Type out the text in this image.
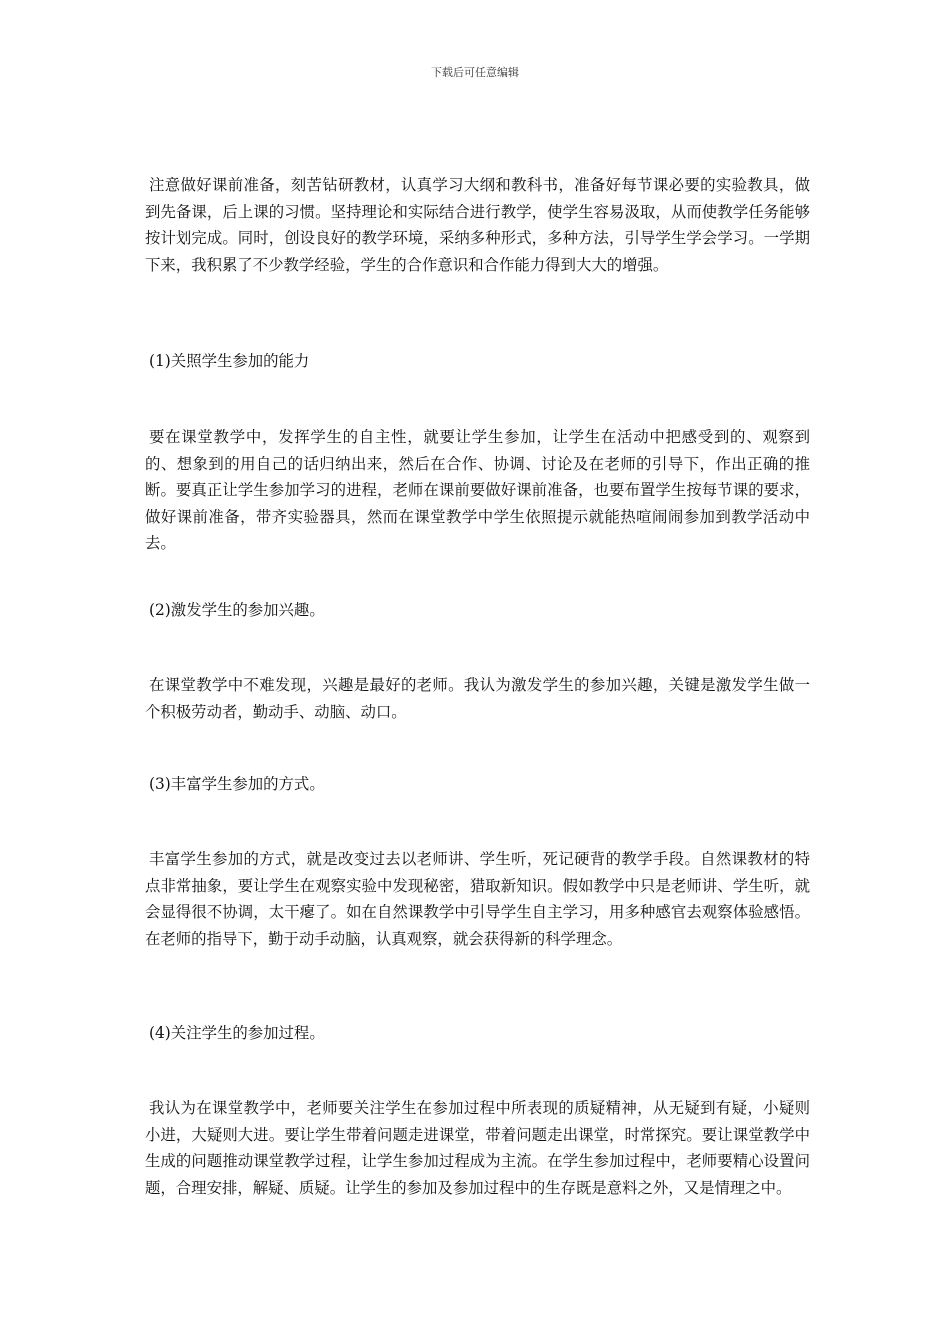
下载后可任意编辑

注意做好课前准备，刻苦钻研教材，认真学习大纲和教科书，准备好每节课必要的实验教具，做到先备课，后上课的习惯。坚持理论和实际结合进行教学，使学生容易汲取，从而使教学任务能够按计划完成。同时，创设良好的教学环境，采纳多种形式，多种方法，引导学生学会学习。一学期下来，我积累了不少教学经验，学生的合作意识和合作能力得到大大的增强。

(1)关照学生参加的能力

要在课堂教学中，发挥学生的自主性，就要让学生参加，让学生在活动中把感受到的、观察到的、想象到的用自己的话归纳出来，然后在合作、协调、讨论及在老师的引导下，作出正确的推断。要真正让学生参加学习的进程，老师在课前要做好课前准备，也要布置学生按每节课的要求，做好课前准备，带齐实验器具，然而在课堂教学中学生依照提示就能热喧闹闹参加到教学活动中去。

(2)激发学生的参加兴趣。

在课堂教学中不难发现，兴趣是最好的老师。我认为激发学生的参加兴趣，关键是激发学生做一个积极劳动者，勤动手、动脑、动口。

(3)丰富学生参加的方式。

丰富学生参加的方式，就是改变过去以老师讲、学生听，死记硬背的教学手段。自然课教材的特点非常抽象，要让学生在观察实验中发现秘密，猎取新知识。假如教学中只是老师讲、学生听，就会显得很不协调，太干瘪了。如在自然课教学中引导学生自主学习，用多种感官去观察体验感悟。在老师的指导下，勤于动手动脑，认真观察，就会获得新的科学理念。

(4)关注学生的参加过程。

我认为在课堂教学中，老师要关注学生在参加过程中所表现的质疑精神，从无疑到有疑，小疑则小进，大疑则大进。要让学生带着问题走进课堂，带着问题走出课堂，时常探究。要让课堂教学中生成的问题推动课堂教学过程，让学生参加过程成为主流。在学生参加过程中，老师要精心设置问题，合理安排，解疑、质疑。让学生的参加及参加过程中的生存既是意料之外，又是情理之中。
